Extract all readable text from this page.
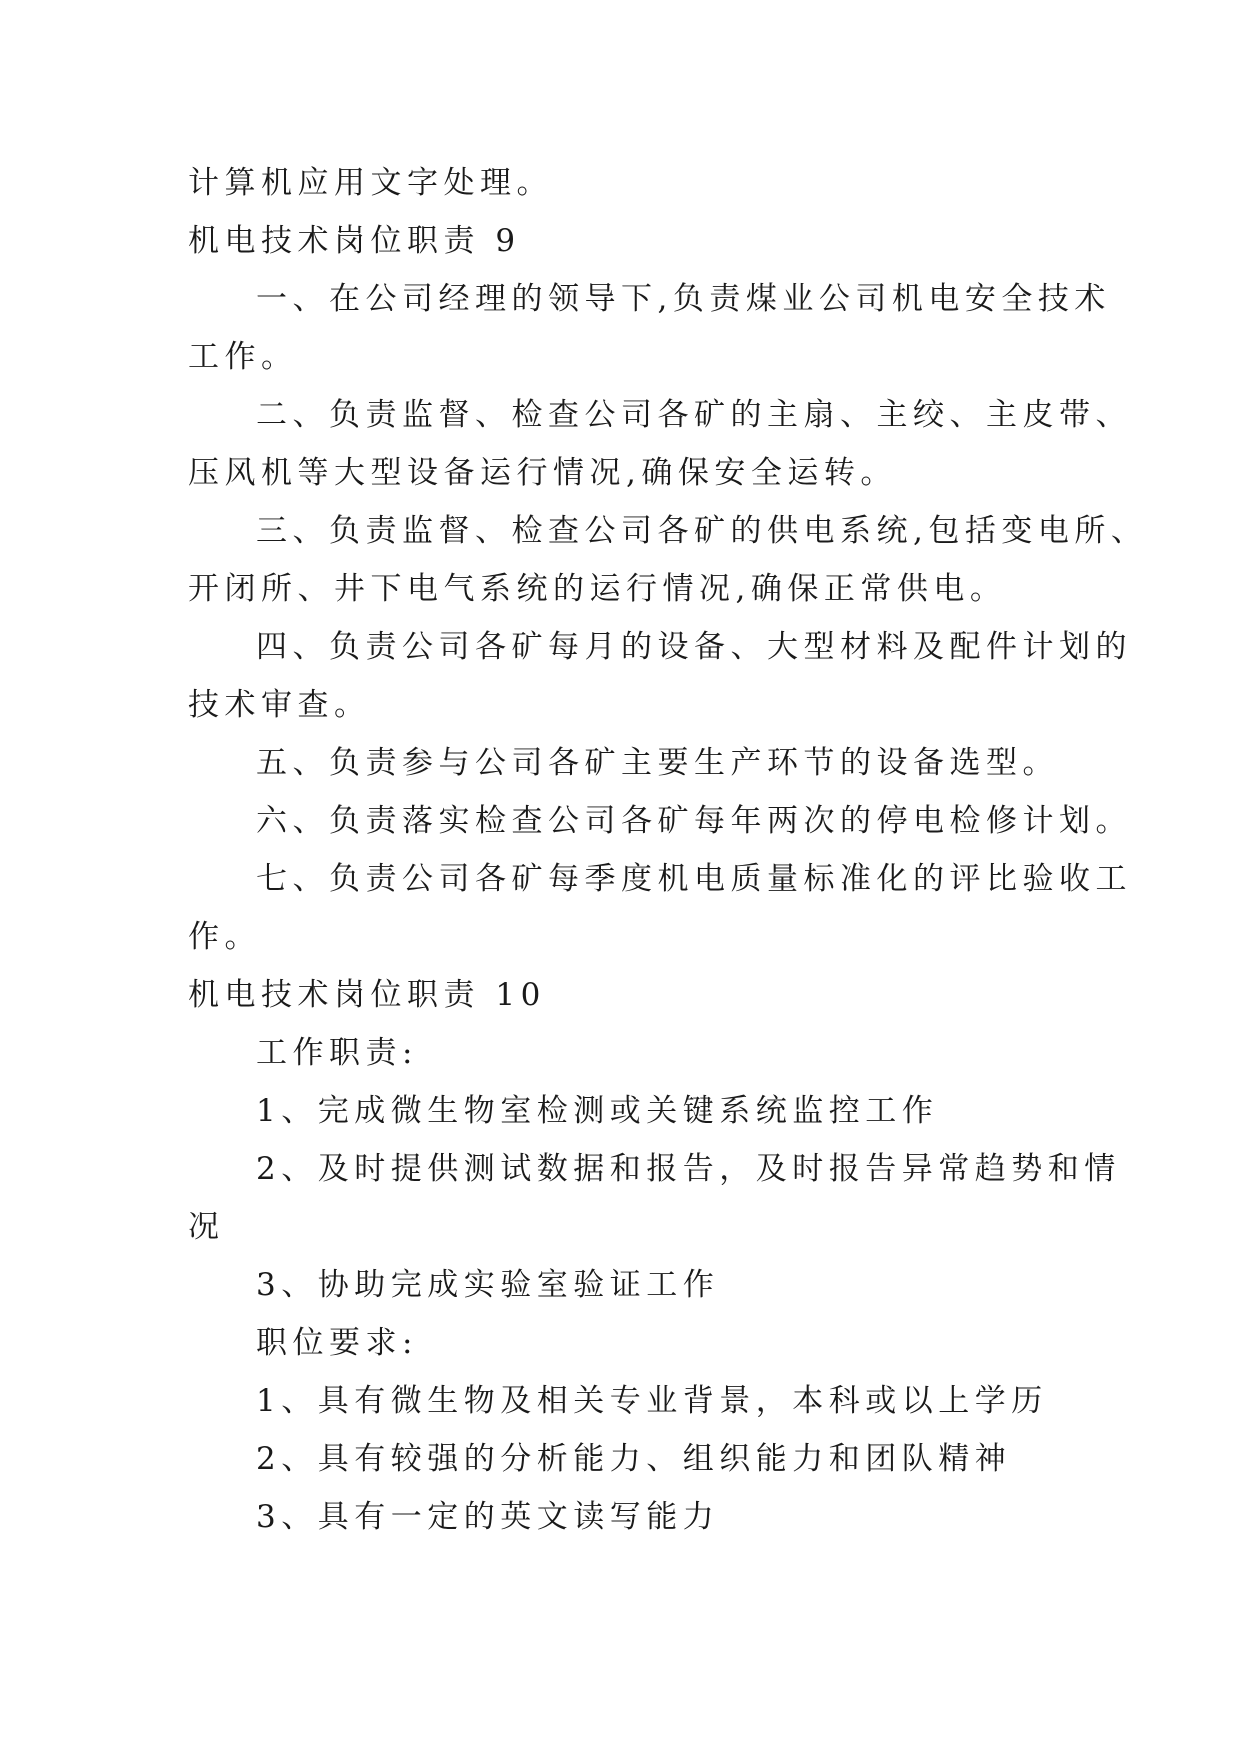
计算机应用文字处理。
机电技术岗位职责 9
一、在公司经理的领导下,负责煤业公司机电安全技术
工作。
二、负责监督、检查公司各矿的主扇、主绞、主皮带、
压风机等大型设备运行情况,确保安全运转。
三、负责监督、检查公司各矿的供电系统,包括变电所、
开闭所、井下电气系统的运行情况,确保正常供电。
四、负责公司各矿每月的设备、大型材料及配件计划的
技术审查。
五、负责参与公司各矿主要生产环节的设备选型。
六、负责落实检查公司各矿每年两次的停电检修计划。
七、负责公司各矿每季度机电质量标准化的评比验收工
作。
机电技术岗位职责 10
工作职责:
1、完成微生物室检测或关键系统监控工作
2、及时提供测试数据和报告，及时报告异常趋势和情
况
3、协助完成实验室验证工作
职位要求:
1、具有微生物及相关专业背景，本科或以上学历
2、具有较强的分析能力、组织能力和团队精神
3、具有一定的英文读写能力
